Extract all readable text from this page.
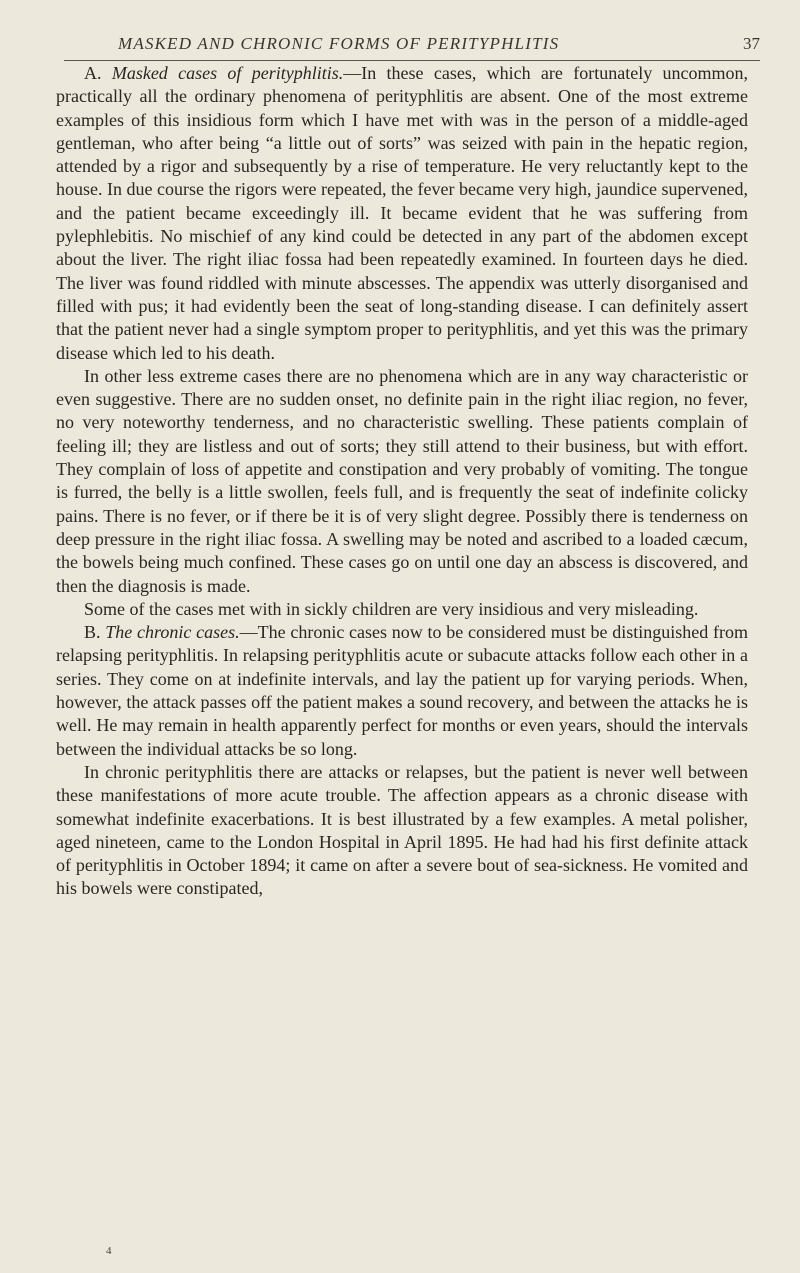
MASKED AND CHRONIC FORMS OF PERITYPHLITIS	37

A. Masked cases of perityphlitis.—In these cases, which are fortunately uncommon, practically all the ordinary phenomena of perityphlitis are absent. One of the most extreme examples of this insidious form which I have met with was in the person of a middle-aged gentleman, who after being “a little out of sorts” was seized with pain in the hepatic region, attended by a rigor and subsequently by a rise of temperature. He very reluctantly kept to the house. In due course the rigors were repeated, the fever became very high, jaundice supervened, and the patient became exceedingly ill. It became evident that he was suffering from pylephlebitis. No mischief of any kind could be detected in any part of the abdomen except about the liver. The right iliac fossa had been repeatedly examined. In fourteen days he died. The liver was found riddled with minute abscesses. The appendix was utterly disorganised and filled with pus; it had evidently been the seat of long-standing disease. I can definitely assert that the patient never had a single symptom proper to perityphlitis, and yet this was the primary disease which led to his death.

In other less extreme cases there are no phenomena which are in any way characteristic or even suggestive. There are no sudden onset, no definite pain in the right iliac region, no fever, no very noteworthy tenderness, and no characteristic swelling. These patients complain of feeling ill; they are listless and out of sorts; they still attend to their business, but with effort. They complain of loss of appetite and constipation and very probably of vomiting. The tongue is furred, the belly is a little swollen, feels full, and is frequently the seat of indefinite colicky pains. There is no fever, or if there be it is of very slight degree. Possibly there is tenderness on deep pressure in the right iliac fossa. A swelling may be noted and ascribed to a loaded cæcum, the bowels being much confined. These cases go on until one day an abscess is discovered, and then the diagnosis is made.

Some of the cases met with in sickly children are very insidious and very misleading.

B. The chronic cases.—The chronic cases now to be considered must be distinguished from relapsing perityphlitis. In relapsing perityphlitis acute or subacute attacks follow each other in a series. They come on at indefinite intervals, and lay the patient up for varying periods. When, however, the attack passes off the patient makes a sound recovery, and between the attacks he is well. He may remain in health apparently perfect for months or even years, should the intervals between the individual attacks be so long.

In chronic perityphlitis there are attacks or relapses, but the patient is never well between these manifestations of more acute trouble. The affection appears as a chronic disease with somewhat indefinite exacerbations. It is best illustrated by a few examples. A metal polisher, aged nineteen, came to the London Hospital in April 1895. He had had his first definite attack of perityphlitis in October 1894; it came on after a severe bout of sea-sickness. He vomited and his bowels were constipated,

4
